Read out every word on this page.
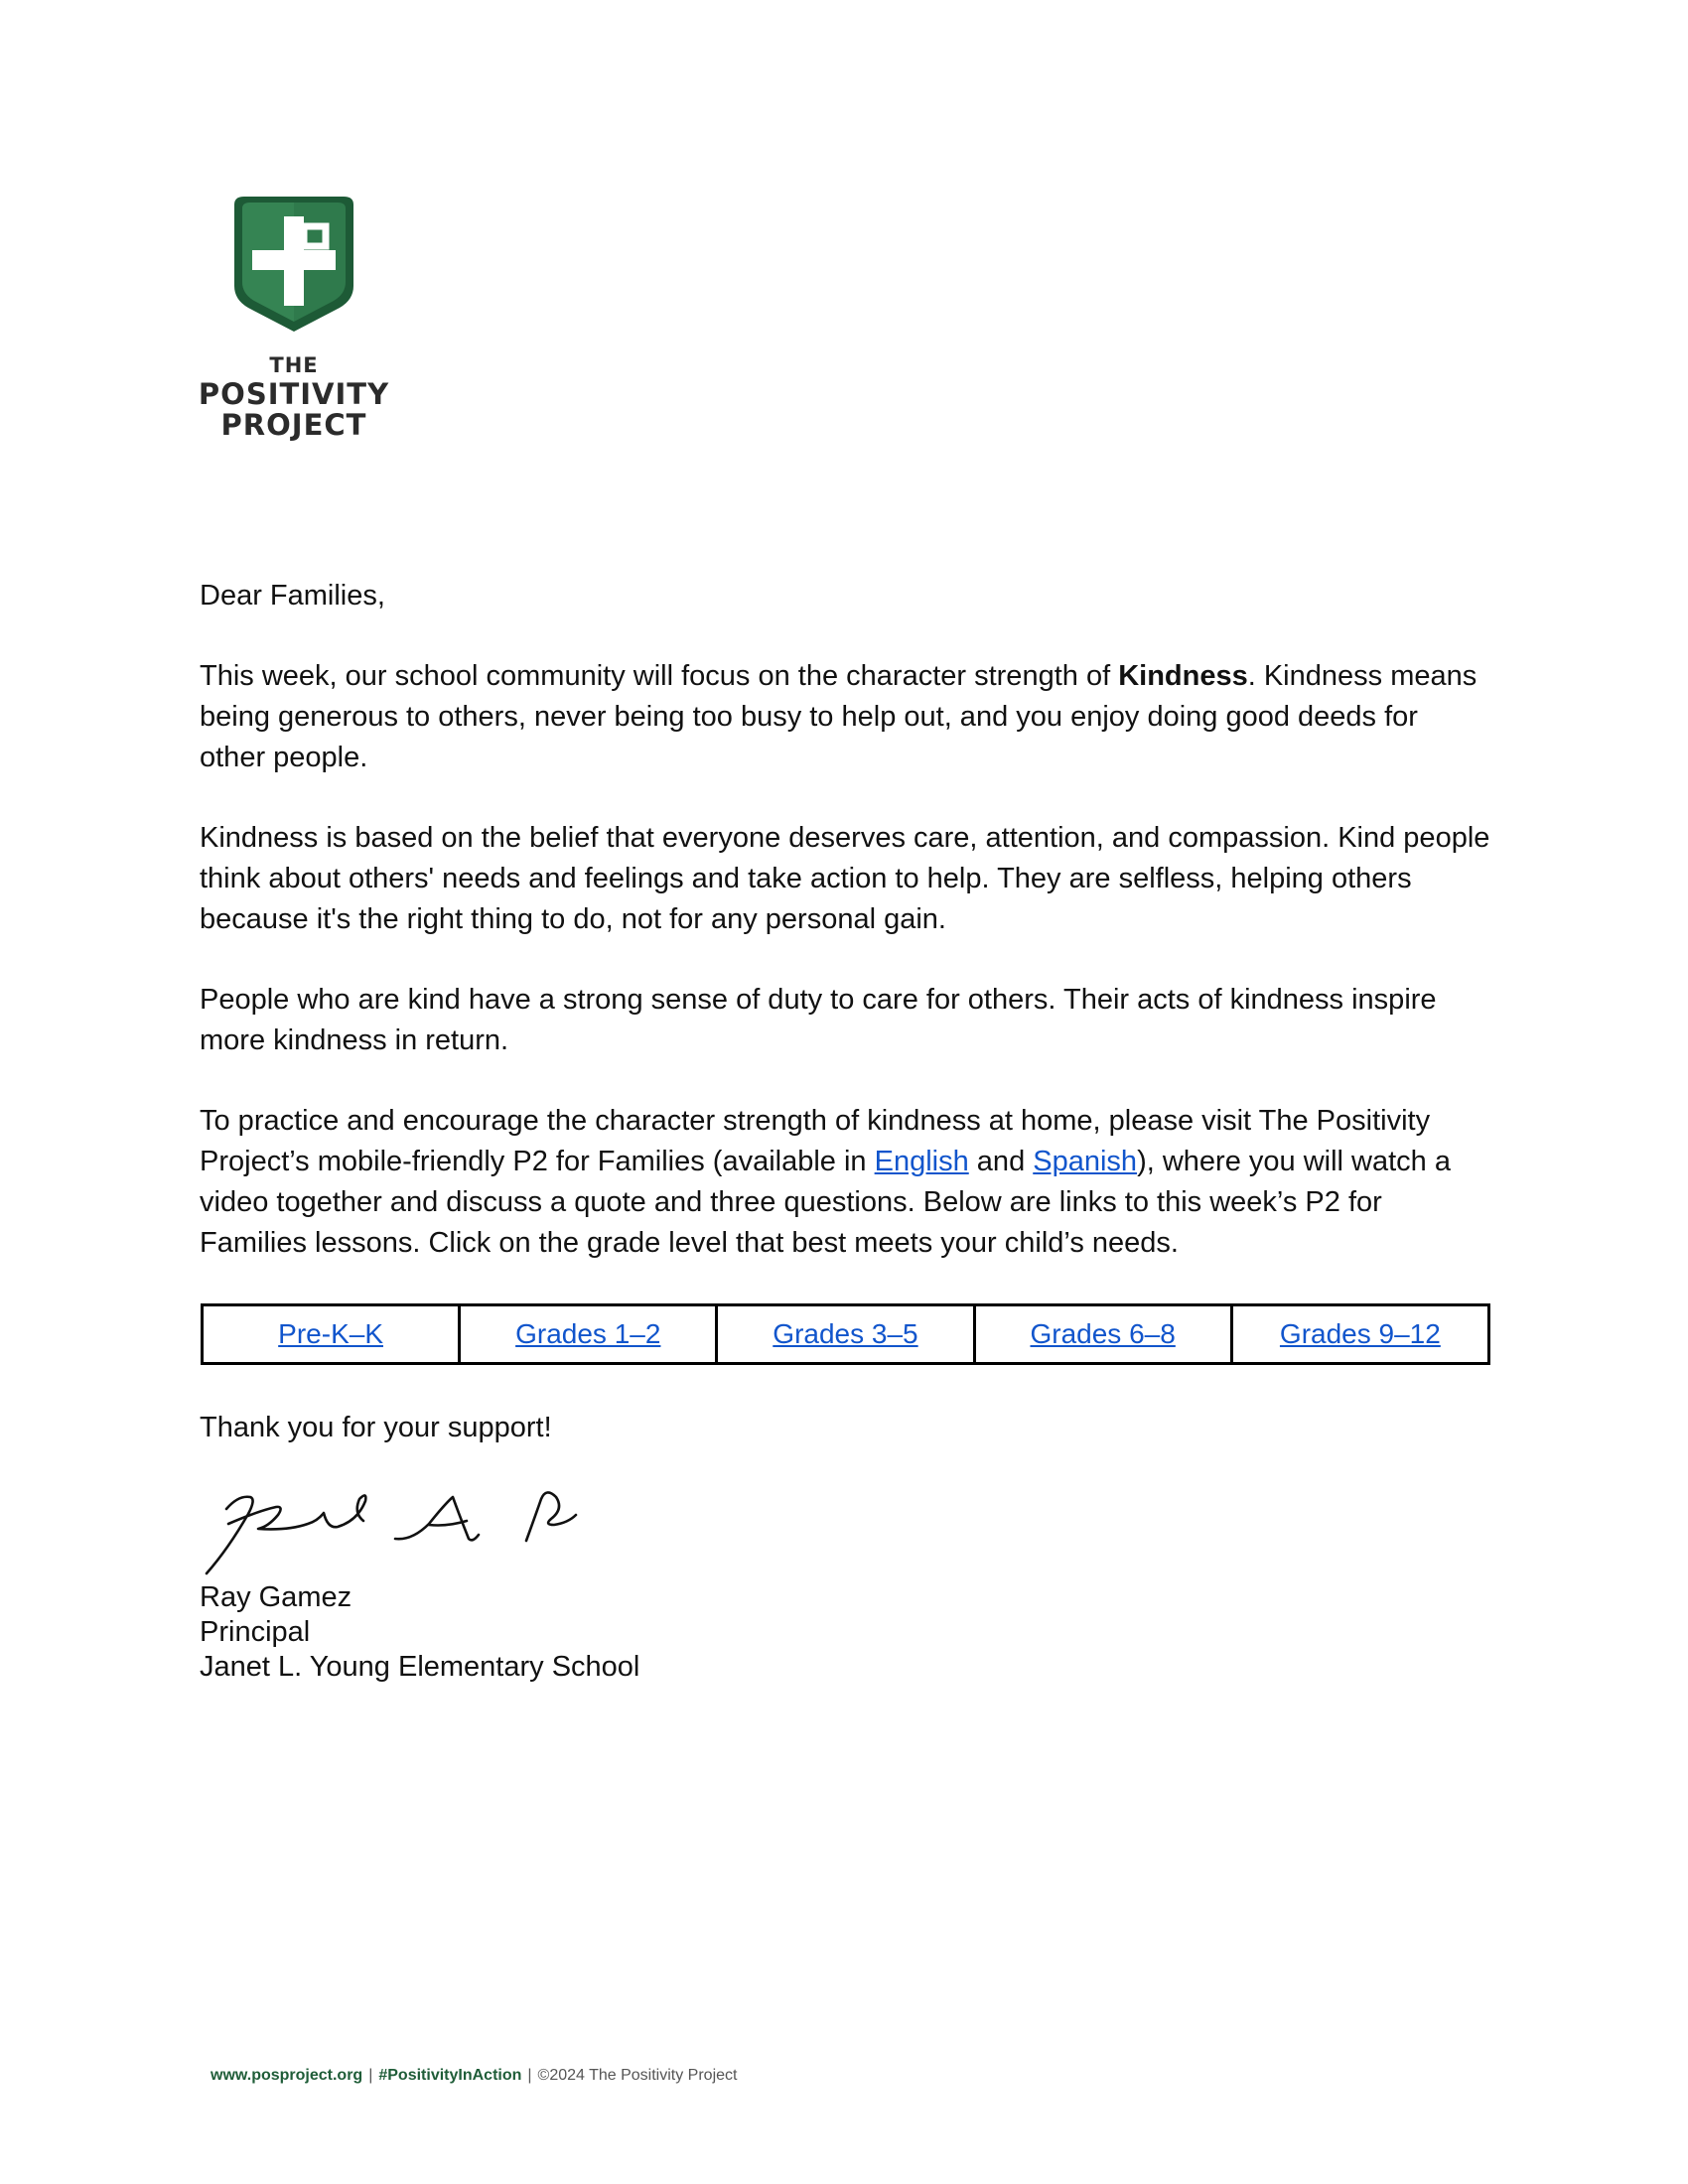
THE
POSITIVITY
PROJECT

Dear Families,

This week, our school community will focus on the character strength of Kindness. Kindness means being generous to others, never being too busy to help out, and you enjoy doing good deeds for other people.

Kindness is based on the belief that everyone deserves care, attention, and compassion. Kind people think about others' needs and feelings and take action to help. They are selfless, helping others because it's the right thing to do, not for any personal gain.

People who are kind have a strong sense of duty to care for others. Their acts of kindness inspire more kindness in return.

To practice and encourage the character strength of kindness at home, please visit The Positivity Project’s mobile-friendly P2 for Families (available in English and Spanish), where you will watch a video together and discuss a quote and three questions. Below are links to this week’s P2 for Families lessons. Click on the grade level that best meets your child’s needs.

Pre-K–K	Grades 1–2	Grades 3–5	Grades 6–8	Grades 9–12
Thank you for your support!
Ray Gamez
Principal
Janet L. Young Elementary School
www.posproject.org | #PositivityInAction | ©2024 The Positivity Project
